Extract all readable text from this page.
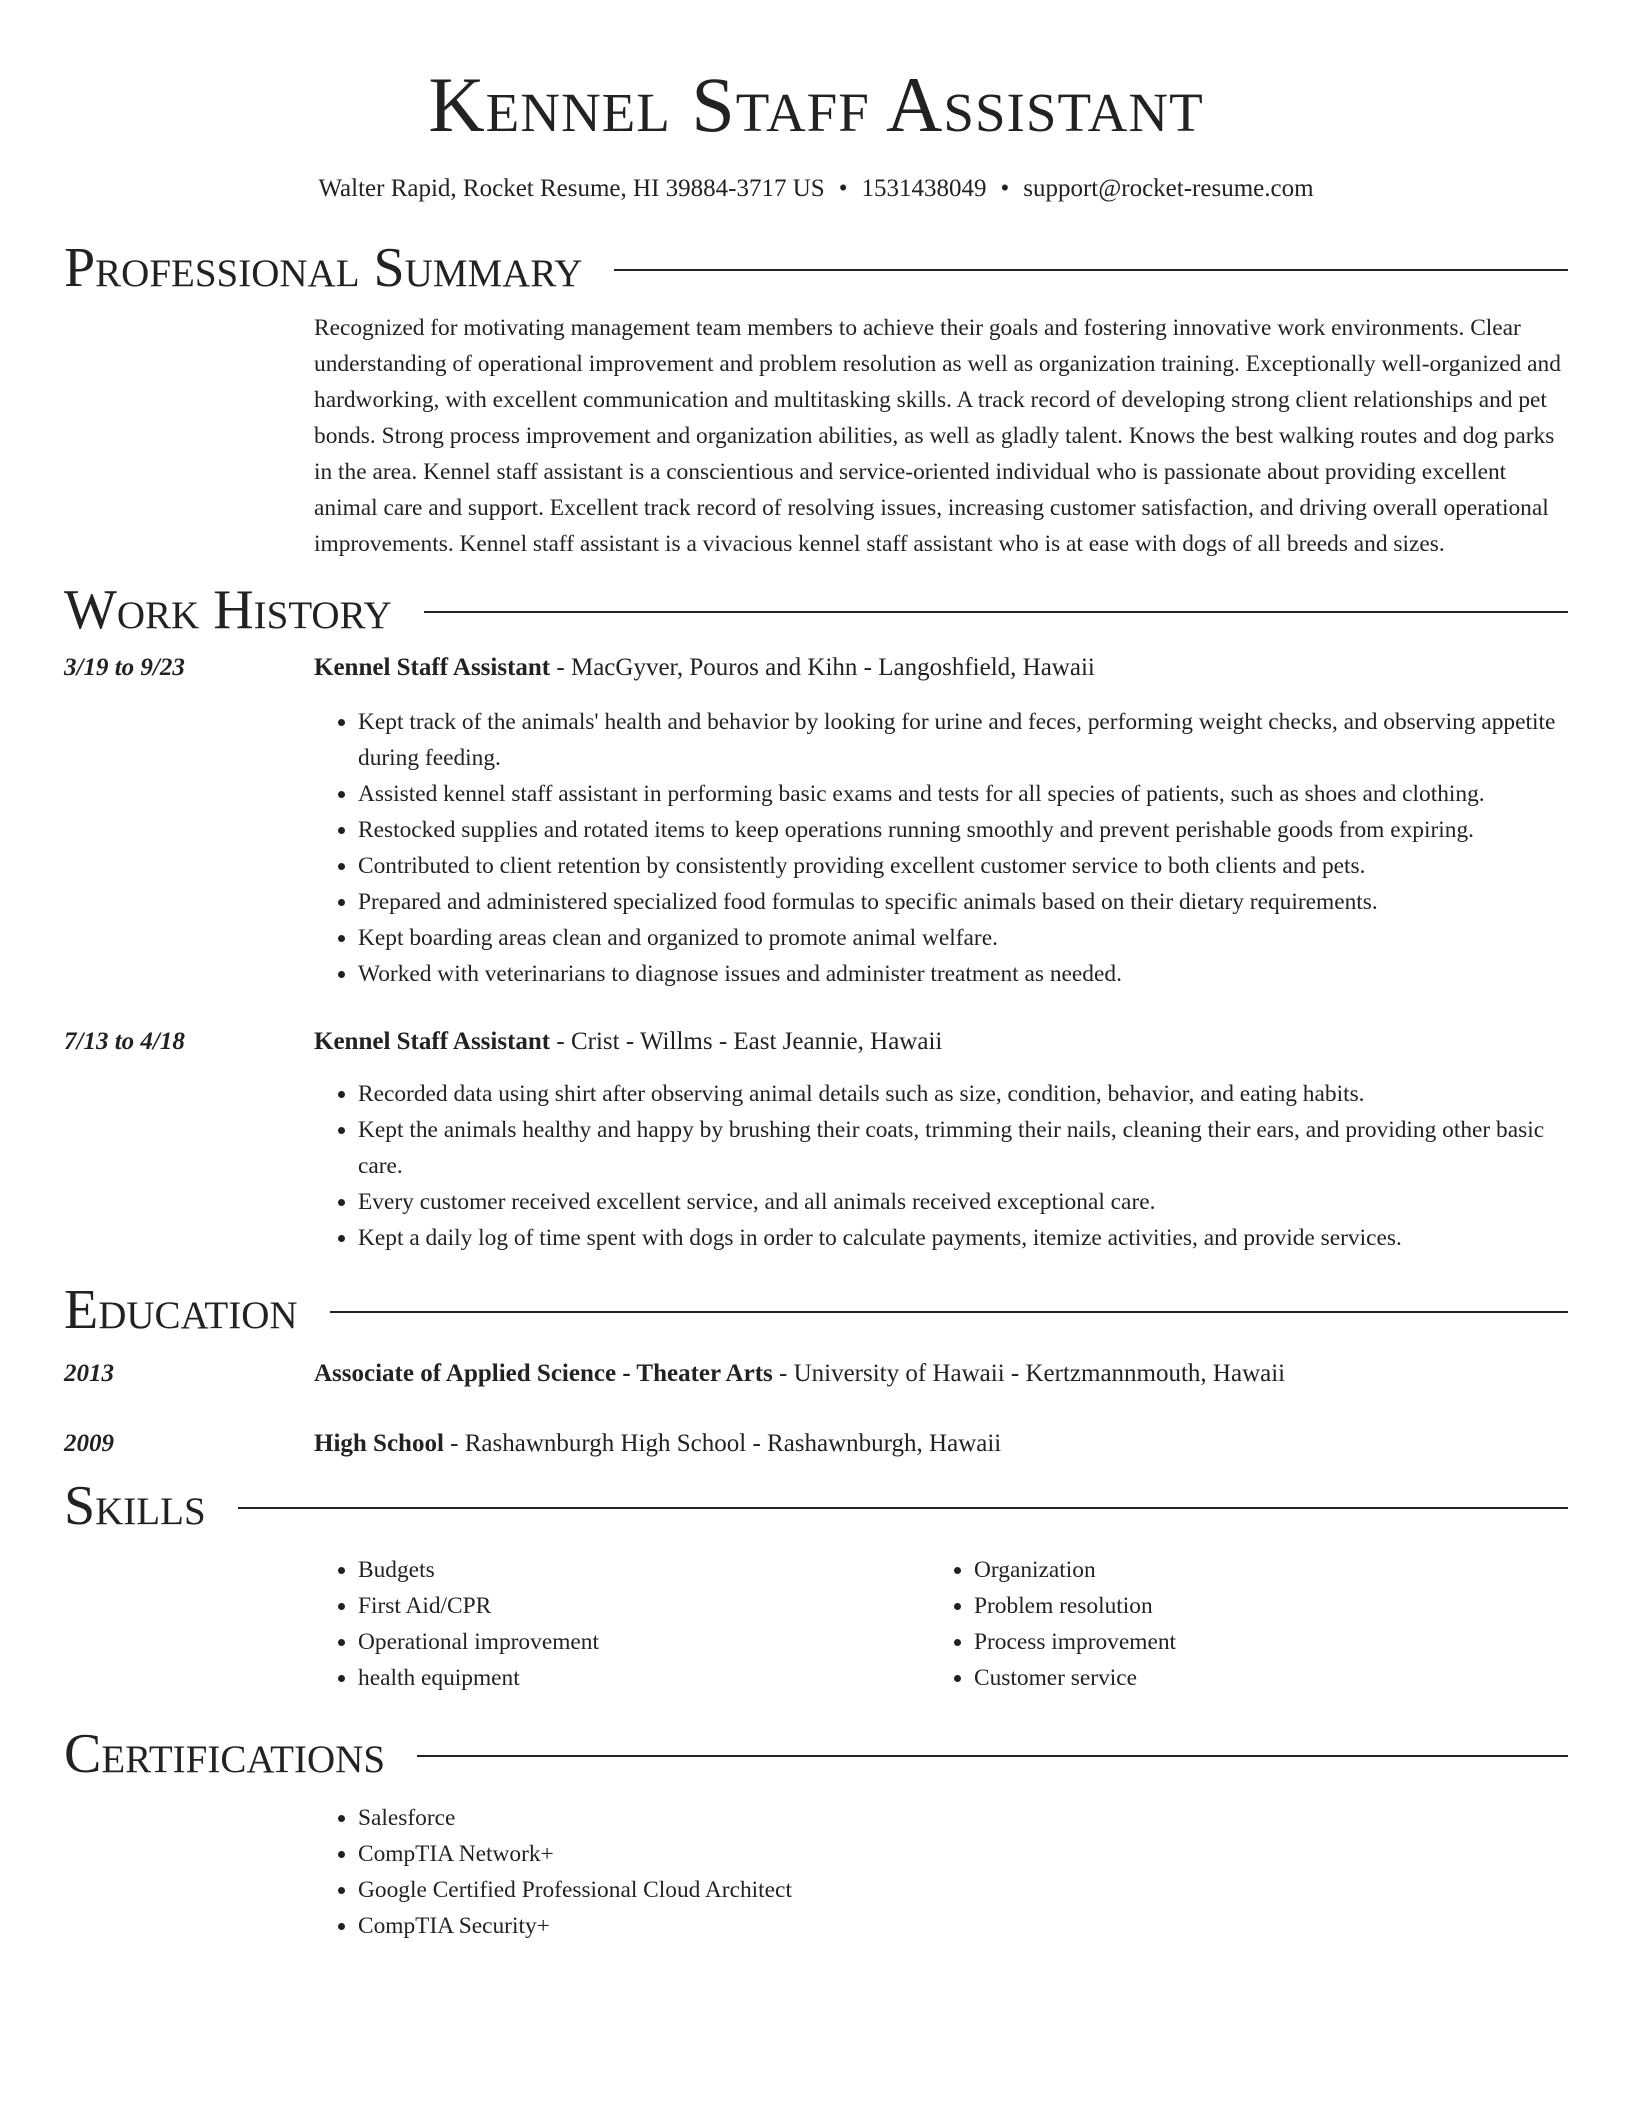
Kennel Staff Assistant
Walter Rapid, Rocket Resume, HI 39884-3717 US • 1531438049 • support@rocket-resume.com
Professional Summary

Recognized for motivating management team members to achieve their goals and fostering innovative work environments. Clear understanding of operational improvement and problem resolution as well as organization training. Exceptionally well-organized and hardworking, with excellent communication and multitasking skills. A track record of developing strong client relationships and pet bonds. Strong process improvement and organization abilities, as well as gladly talent. Knows the best walking routes and dog parks in the area. Kennel staff assistant is a conscientious and service-oriented individual who is passionate about providing excellent animal care and support. Excellent track record of resolving issues, increasing customer satisfaction, and driving overall operational improvements. Kennel staff assistant is a vivacious kennel staff assistant who is at ease with dogs of all breeds and sizes.

Work History
3/19 to 9/23	Kennel Staff Assistant - MacGyver, Pouros and Kihn - Langoshfield, Hawaii
• Kept track of the animals' health and behavior by looking for urine and feces, performing weight checks, and observing appetite during feeding.
• Assisted kennel staff assistant in performing basic exams and tests for all species of patients, such as shoes and clothing.
• Restocked supplies and rotated items to keep operations running smoothly and prevent perishable goods from expiring.
• Contributed to client retention by consistently providing excellent customer service to both clients and pets.
• Prepared and administered specialized food formulas to specific animals based on their dietary requirements.
• Kept boarding areas clean and organized to promote animal welfare.
• Worked with veterinarians to diagnose issues and administer treatment as needed.
7/13 to 4/18	Kennel Staff Assistant - Crist - Willms - East Jeannie, Hawaii
• Recorded data using shirt after observing animal details such as size, condition, behavior, and eating habits.
• Kept the animals healthy and happy by brushing their coats, trimming their nails, cleaning their ears, and providing other basic care.
• Every customer received excellent service, and all animals received exceptional care.
• Kept a daily log of time spent with dogs in order to calculate payments, itemize activities, and provide services.
Education
2013	Associate of Applied Science - Theater Arts - University of Hawaii - Kertzmannmouth, Hawaii
2009	High School - Rashawnburgh High School - Rashawnburgh, Hawaii
Skills
• Budgets
• First Aid/CPR
• Operational improvement
• health equipment
• Organization
• Problem resolution
• Process improvement
• Customer service
Certifications
• Salesforce
• CompTIA Network+
• Google Certified Professional Cloud Architect
• CompTIA Security+
